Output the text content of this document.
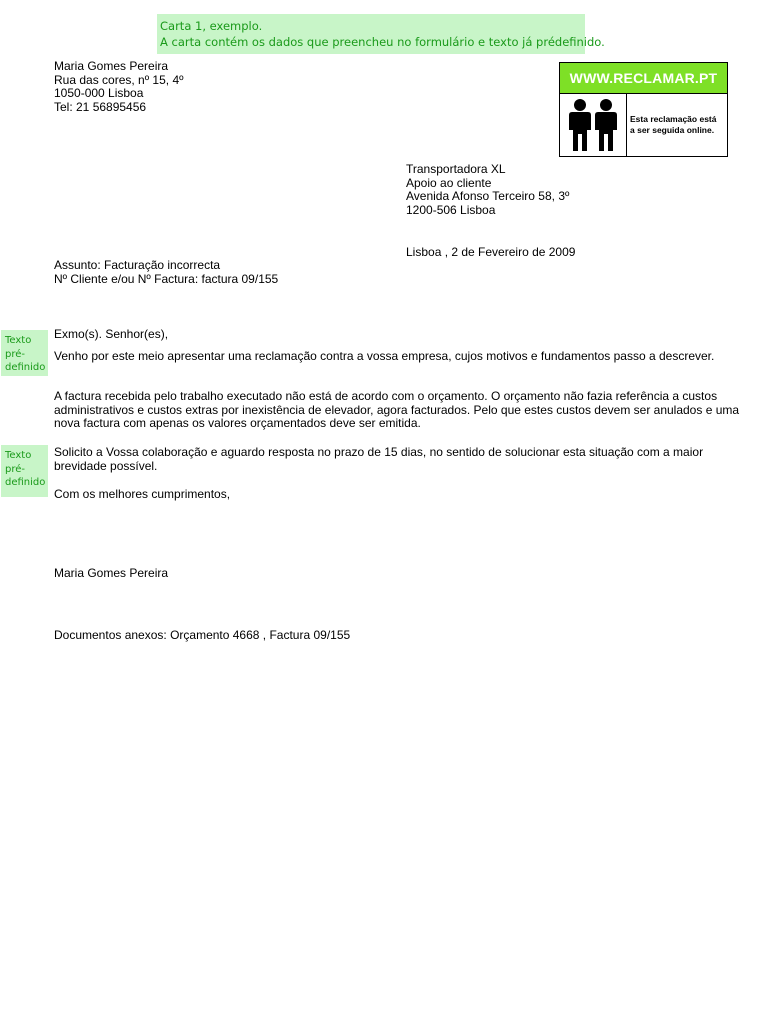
Carta 1, exemplo.
A carta contém os dados que preencheu no formulário e texto já prédefinido.
Maria Gomes Pereira
Rua das cores, nº 15, 4º
1050-000 Lisboa
Tel: 21 56895456
WWW.RECLAMAR.PT
Esta reclamação está
a ser seguida online.
Transportadora XL
Apoio ao cliente
Avenida Afonso Terceiro 58, 3º
1200-506 Lisboa
Lisboa , 2 de Fevereiro de 2009
Assunto: Facturação incorrecta
Nº Cliente e/ou Nº Factura: factura 09/155
Texto
pré-
definido
Exmo(s). Senhor(es),
Venho por este meio apresentar uma reclamação contra a vossa empresa, cujos motivos e fundamentos passo a descrever.
A factura recebida pelo trabalho executado não está de acordo com o orçamento. O orçamento não fazia referência a custos administrativos e custos extras por inexistência de elevador, agora facturados. Pelo que estes custos devem ser anulados e uma nova factura com apenas os valores orçamentados deve ser emitida.
Texto
pré-
definido
Solicito a Vossa colaboração e aguardo resposta no prazo de 15 dias, no sentido de solucionar esta situação com a maior brevidade possível.
Com os melhores cumprimentos,
Maria Gomes Pereira
Documentos anexos: Orçamento 4668 , Factura 09/155
